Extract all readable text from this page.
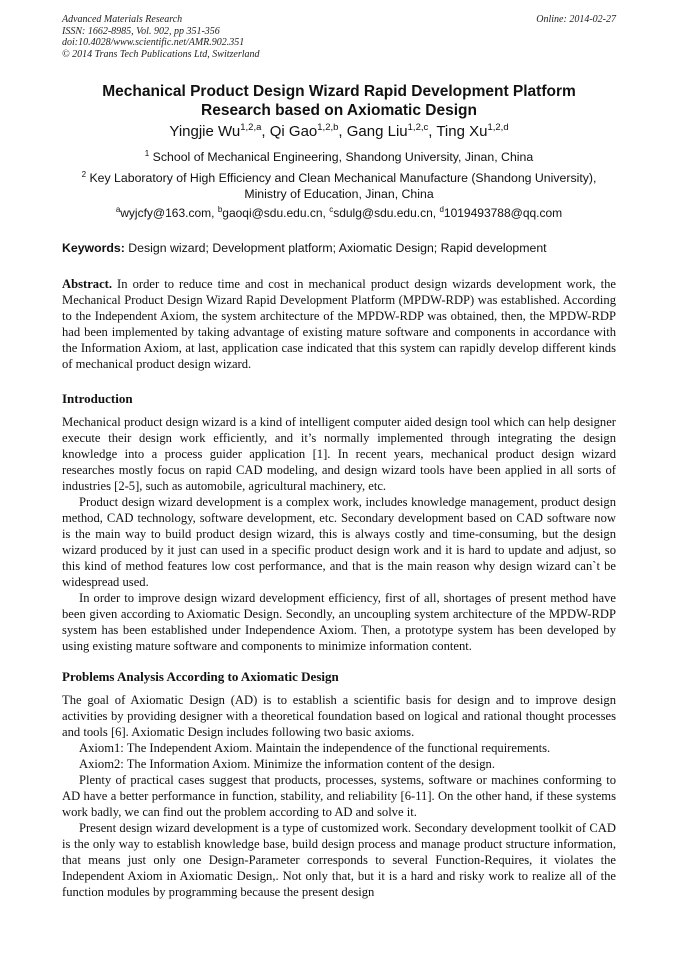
Advanced Materials Research
ISSN: 1662-8985, Vol. 902, pp 351-356
doi:10.4028/www.scientific.net/AMR.902.351
© 2014 Trans Tech Publications Ltd, Switzerland
Online: 2014-02-27
Mechanical Product Design Wizard Rapid Development Platform
Research based on Axiomatic Design
Yingjie Wu$^{1,2,a}$, Qi Gao$^{1,2,b}$, Gang Liu$^{1,2,c}$, Ting Xu$^{1,2,d}$
$^1$ School of Mechanical Engineering, Shandong University, Jinan, China
$^2$ Key Laboratory of High Efficiency and Clean Mechanical Manufacture (Shandong University),
Ministry of Education, Jinan, China
$^a$wyjcfy@163.com, $^b$gaoqi@sdu.edu.cn, $^c$sdulg@sdu.edu.cn, $^d$1019493788@qq.com
Keywords: Design wizard; Development platform; Axiomatic Design; Rapid development

Abstract. In order to reduce time and cost in mechanical product design wizards development work, the Mechanical Product Design Wizard Rapid Development Platform (MPDW-RDP) was established. According to the Independent Axiom, the system architecture of the MPDW-RDP was obtained, then, the MPDW-RDP had been implemented by taking advantage of existing mature software and components in accordance with the Information Axiom, at last, application case indicated that this system can rapidly develop different kinds of mechanical product design wizard.

Introduction

Mechanical product design wizard is a kind of intelligent computer aided design tool which can help designer execute their design work efficiently, and it’s normally implemented through integrating the design knowledge into a process guider application [1]. In recent years, mechanical product design wizard researches mostly focus on rapid CAD modeling, and design wizard tools have been applied in all sorts of industries [2-5], such as automobile, agricultural machinery, etc.

Product design wizard development is a complex work, includes knowledge management, product design method, CAD technology, software development, etc. Secondary development based on CAD software now is the main way to build product design wizard, this is always costly and time-consuming, but the design wizard produced by it just can used in a specific product design work and it is hard to update and adjust, so this kind of method features low cost performance, and that is the main reason why design wizard can`t be widespread used.

In order to improve design wizard development efficiency, first of all, shortages of present method have been given according to Axiomatic Design. Secondly, an uncoupling system architecture of the MPDW-RDP system has been established under Independence Axiom. Then, a prototype system has been developed by using existing mature software and components to minimize information content.

Problems Analysis According to Axiomatic Design

The goal of Axiomatic Design (AD) is to establish a scientific basis for design and to improve design activities by providing designer with a theoretical foundation based on logical and rational thought processes and tools [6]. Axiomatic Design includes following two basic axioms.

Axiom1: The Independent Axiom. Maintain the independence of the functional requirements.

Axiom2: The Information Axiom. Minimize the information content of the design.

Plenty of practical cases suggest that products, processes, systems, software or machines conforming to AD have a better performance in function, stability, and reliability [6-11]. On the other hand, if these systems work badly, we can find out the problem according to AD and solve it.

Present design wizard development is a type of customized work. Secondary development toolkit of CAD is the only way to establish knowledge base, build design process and manage product structure information, that means just only one Design-Parameter corresponds to several Function-Requires, it violates the Independent Axiom in Axiomatic Design,. Not only that, but it is a hard and risky work to realize all of the function modules by programming because the present design
